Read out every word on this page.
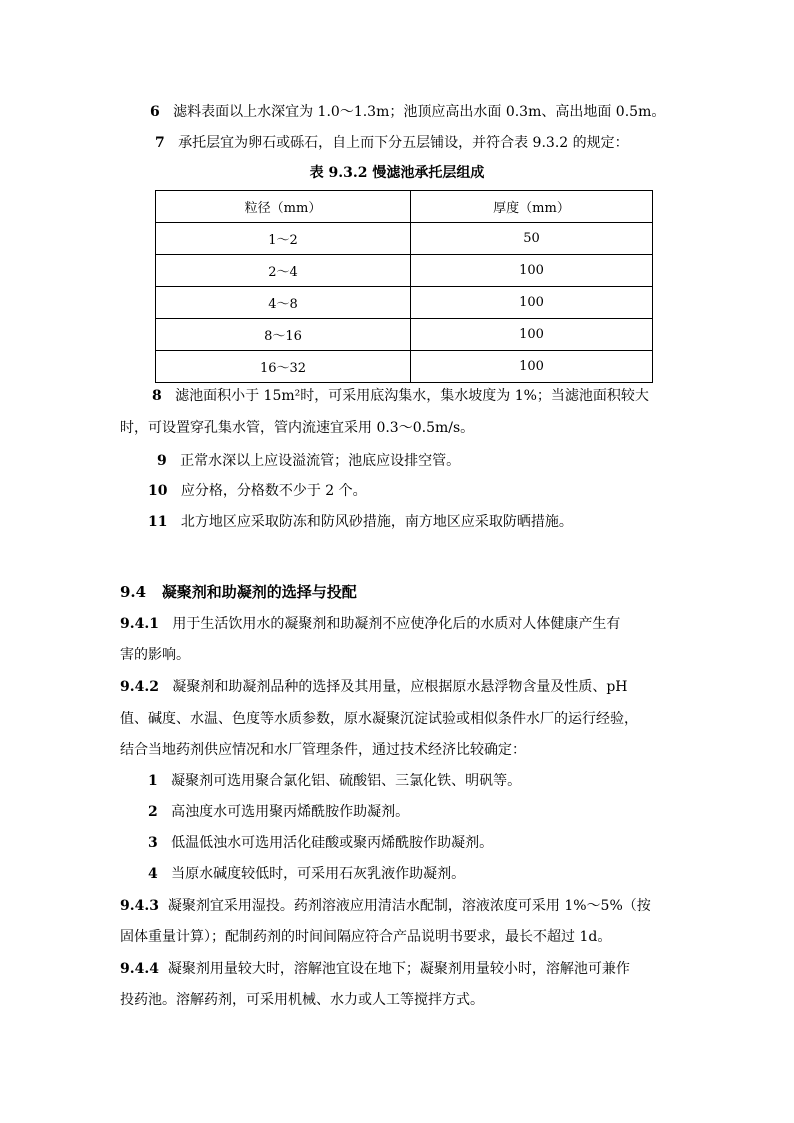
6 滤料表面以上水深宜为 1.0～1.3m；池顶应高出水面 0.3m、高出地面 0.5m。
7 承托层宜为卵石或砾石，自上而下分五层铺设，并符合表 9.3.2 的规定：
表 9.3.2 慢滤池承托层组成
粒径（mm）	厚度（mm）
1～2	50
2～4	100
4～8	100
8～16	100
16～32	100
8 滤池面积小于 15m²时，可采用底沟集水，集水坡度为 1%；当滤池面积较大
时，可设置穿孔集水管，管内流速宜采用 0.3～0.5m/s。
9 正常水深以上应设溢流管；池底应设排空管。
10 应分格，分格数不少于 2 个。
11 北方地区应采取防冻和防风砂措施，南方地区应采取防晒措施。
9.4 凝聚剂和助凝剂的选择与投配
9.4.1 用于生活饮用水的凝聚剂和助凝剂不应使净化后的水质对人体健康产生有
害的影响。
9.4.2 凝聚剂和助凝剂品种的选择及其用量，应根据原水悬浮物含量及性质、pH
值、碱度、水温、色度等水质参数，原水凝聚沉淀试验或相似条件水厂的运行经验，
结合当地药剂供应情况和水厂管理条件，通过技术经济比较确定：
1 凝聚剂可选用聚合氯化铝、硫酸铝、三氯化铁、明矾等。
2 高浊度水可选用聚丙烯酰胺作助凝剂。
3 低温低浊水可选用活化硅酸或聚丙烯酰胺作助凝剂。
4 当原水碱度较低时，可采用石灰乳液作助凝剂。
9.4.3 凝聚剂宜采用湿投。药剂溶液应用清洁水配制，溶液浓度可采用 1%～5%（按
固体重量计算）；配制药剂的时间间隔应符合产品说明书要求，最长不超过 1d。
9.4.4 凝聚剂用量较大时，溶解池宜设在地下；凝聚剂用量较小时，溶解池可兼作
投药池。溶解药剂，可采用机械、水力或人工等搅拌方式。
